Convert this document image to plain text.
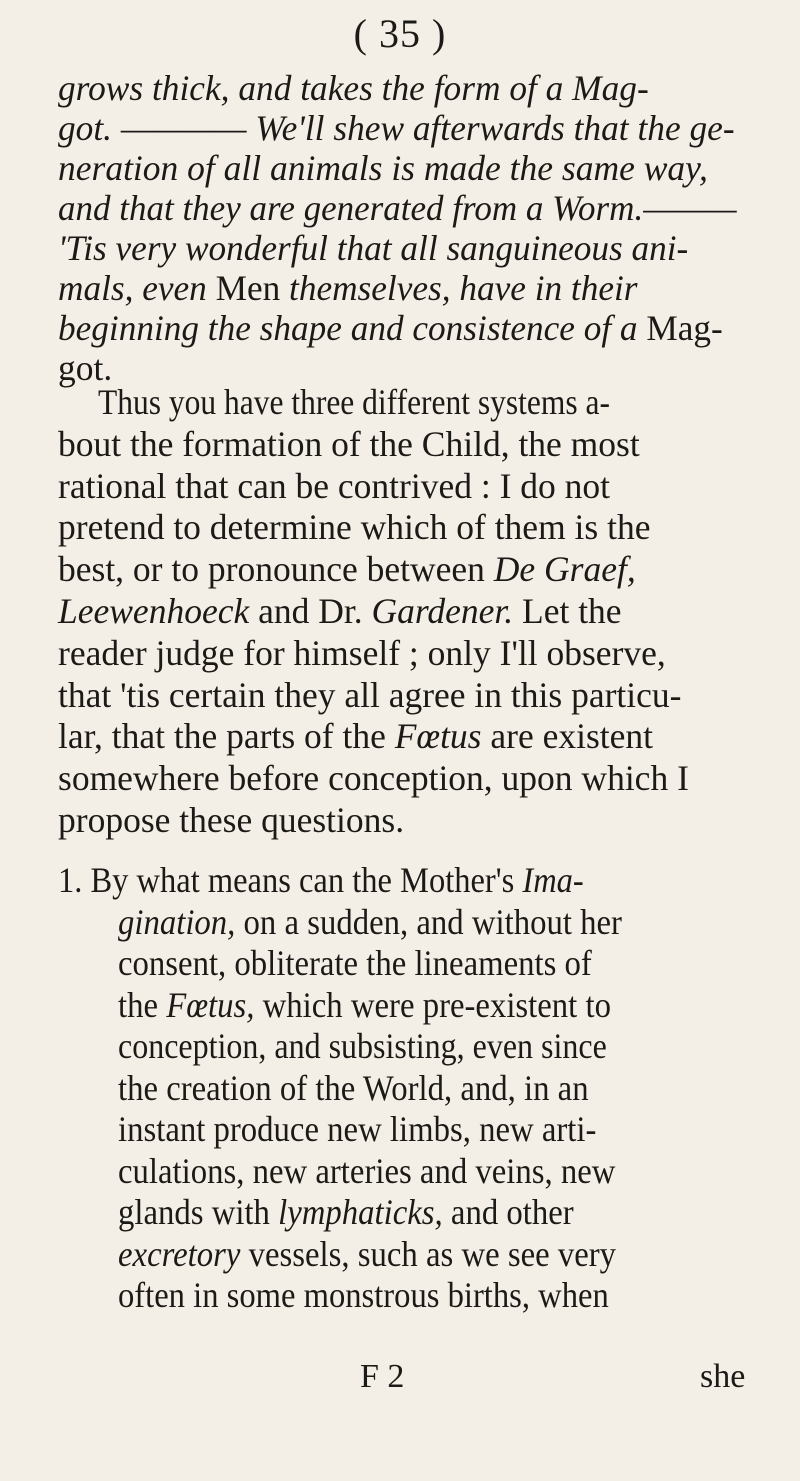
( 35 )
grows thick, and takes the form of a Mag-
got. ———— We'll shew afterwards that the ge-
neration of all animals is made the same way,
and that they are generated from a Worm.———
'Tis very wonderful that all sanguineous ani-
mals, even Men themselves, have in their
beginning the shape and consistence of a Mag-
got.
Thus you have three different systems a-
bout the formation of the Child, the most
rational that can be contrived : I do not
pretend to determine which of them is the
best, or to pronounce between De Graef,
Leewenhoeck and Dr. Gardener. Let the
reader judge for himself ; only I'll observe,
that 'tis certain they all agree in this particu-
lar, that the parts of the Fœtus are existent
somewhere before conception, upon which I
propose these questions.
1. By what means can the Mother's Ima-
gination, on a sudden, and without her
consent, obliterate the lineaments of
the Fœtus, which were pre-existent to
conception, and subsisting, even since
the creation of the World, and, in an
instant produce new limbs, new arti-
culations, new arteries and veins, new
glands with lymphaticks, and other
excretory vessels, such as we see very
often in some monstrous births, when
F 2	she
